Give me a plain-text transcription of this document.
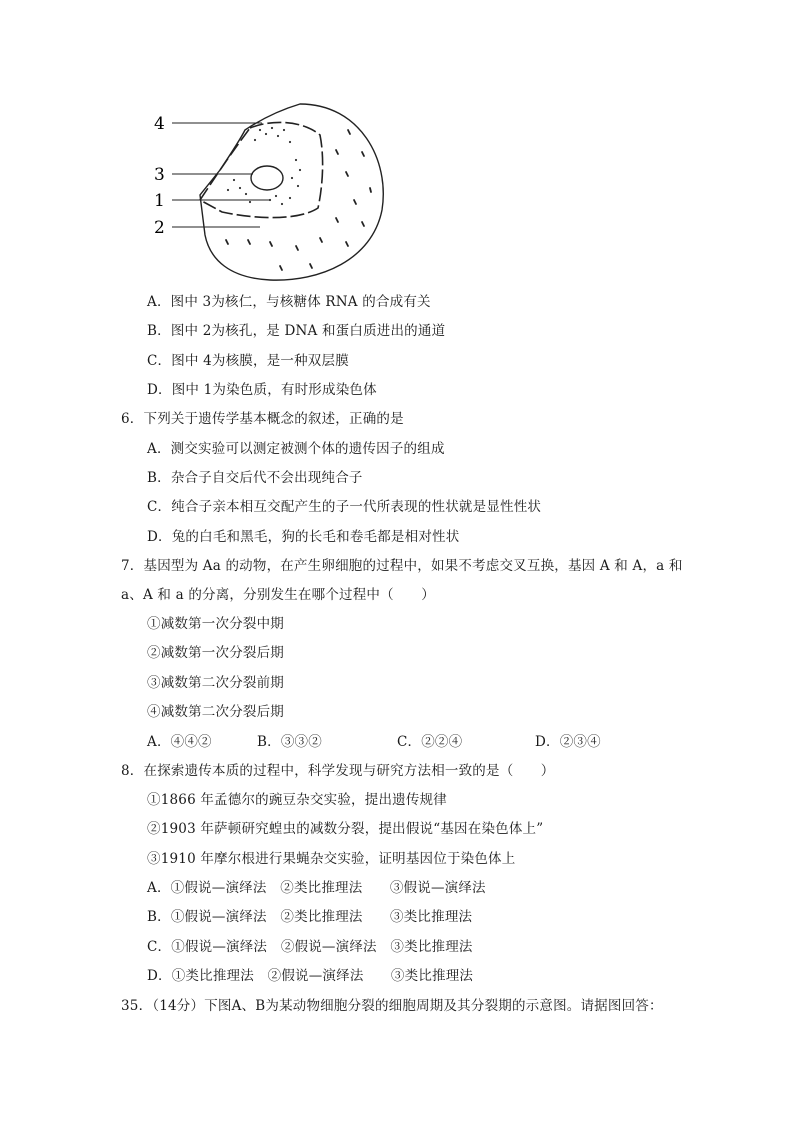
4
3
1
2
A．图中 3为核仁，与核糖体 RNA 的合成有关
B．图中 2为核孔，是 DNA 和蛋白质进出的通道
C．图中 4为核膜，是一种双层膜
D．图中 1为染色质，有时形成染色体
6．下列关于遗传学基本概念的叙述，正确的是
A．测交实验可以测定被测个体的遗传因子的组成
B．杂合子自交后代不会出现纯合子
C．纯合子亲本相互交配产生的子一代所表现的性状就是显性性状
D．兔的白毛和黑毛，狗的长毛和卷毛都是相对性状
7．基因型为 Aa 的动物，在产生卵细胞的过程中，如果不考虑交叉互换，基因 A 和 A，a 和
a、A 和 a 的分离，分别发生在哪个过程中（　　）
①减数第一次分裂中期
②减数第一次分裂后期
③减数第二次分裂前期
④减数第二次分裂后期
A．④④②	B．③③②	C．②②④	D．②③④
8．在探索遗传本质的过程中，科学发现与研究方法相一致的是（　　）
①1866 年孟德尔的豌豆杂交实验，提出遗传规律
②1903 年萨顿研究蝗虫的减数分裂，提出假说“基因在染色体上”
③1910 年摩尔根进行果蝇杂交实验，证明基因位于染色体上
A．①假说—演绎法　②类比推理法　　③假说—演绎法
B．①假说—演绎法　②类比推理法　　③类比推理法
C．①假说—演绎法　②假说—演绎法　③类比推理法
D．①类比推理法　②假说—演绎法　　③类比推理法
35．（14分）下图A、B为某动物细胞分裂的细胞周期及其分裂期的示意图。请据图回答：
